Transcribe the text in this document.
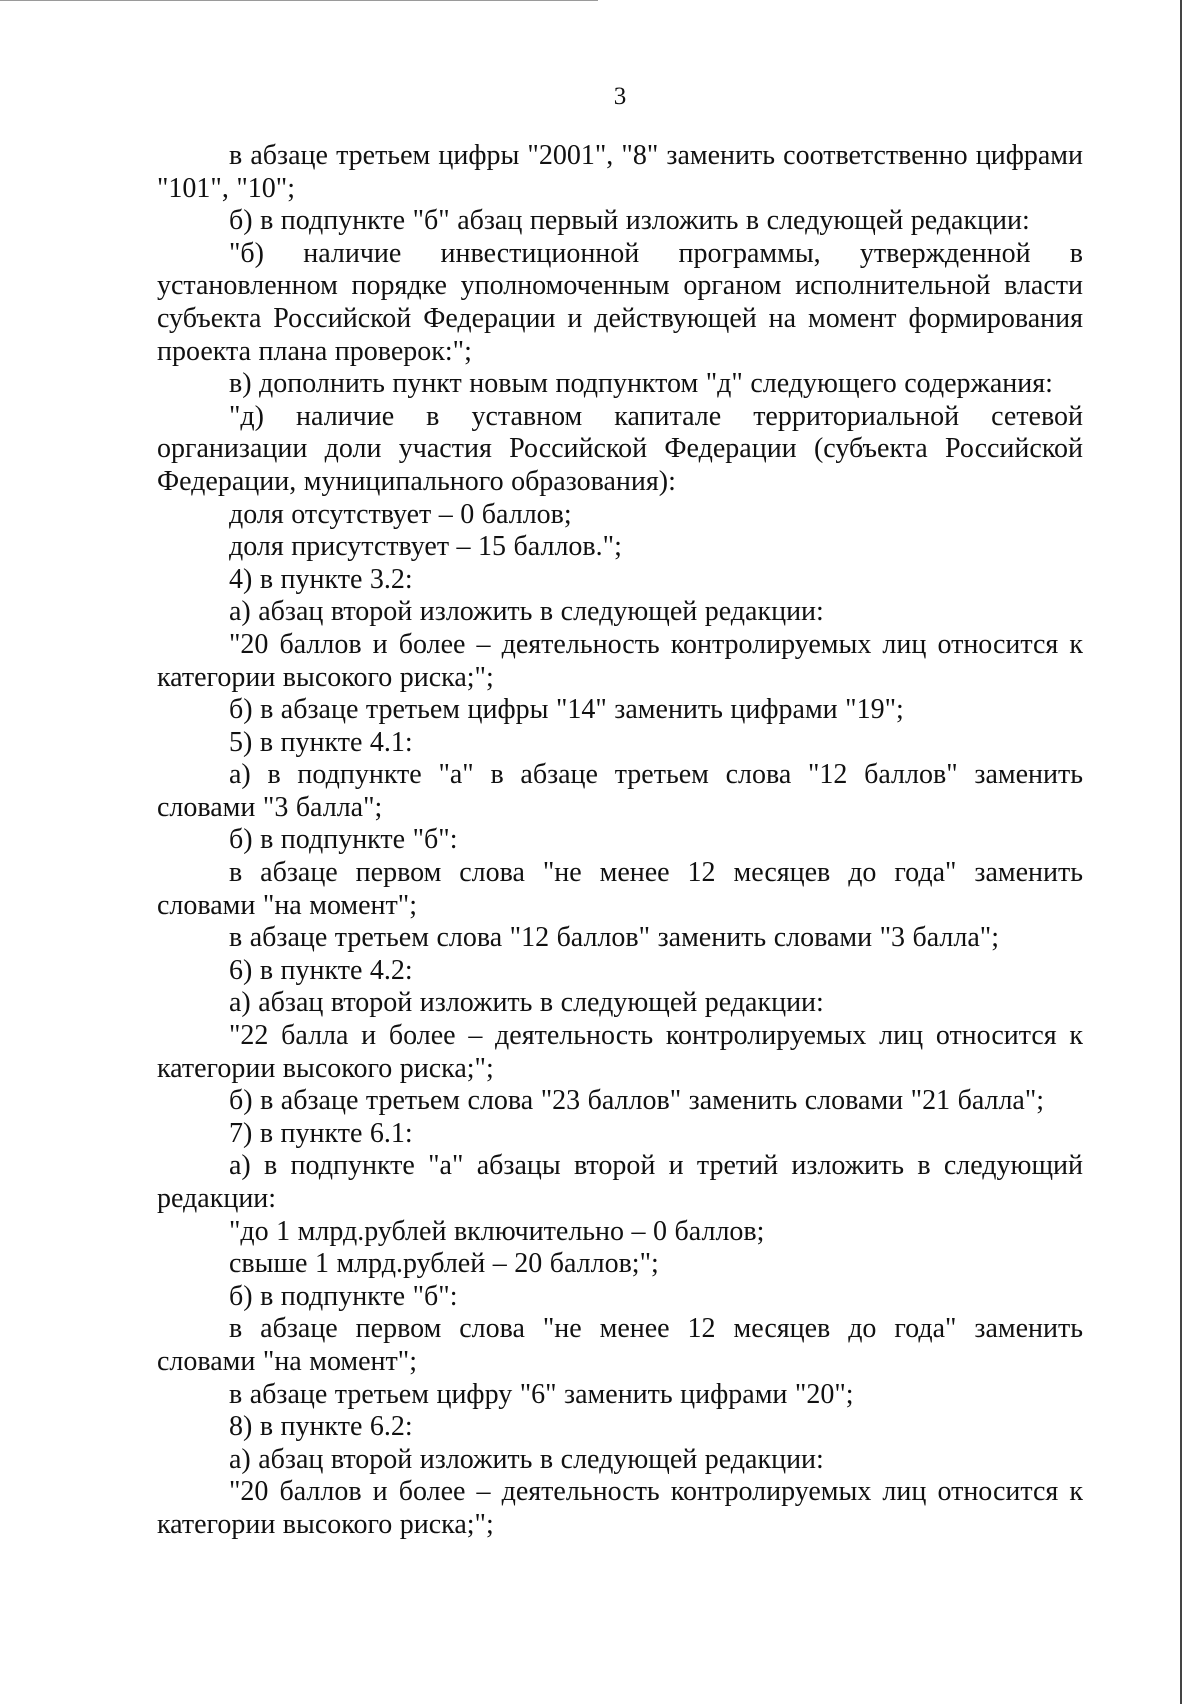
3

в абзаце третьем цифры "2001", "8" заменить соответственно цифрами "101", "10";

б) в подпункте "б" абзац первый изложить в следующей редакции:

"б) наличие инвестиционной программы, утвержденной в установленном порядке уполномоченным органом исполнительной власти субъекта Российской Федерации и действующей на момент формирования проекта плана проверок:";

в) дополнить пункт новым подпунктом "д" следующего содержания:

"д) наличие в уставном капитале территориальной сетевой организации доли участия Российской Федерации (субъекта Российской Федерации, муниципального образования):

доля отсутствует – 0 баллов;

доля присутствует – 15 баллов.";

4) в пункте 3.2:

а) абзац второй изложить в следующей редакции:

"20 баллов и более – деятельность контролируемых лиц относится к категории высокого риска;";

б) в абзаце третьем цифры "14" заменить цифрами "19";

5) в пункте 4.1:

а) в подпункте "а" в абзаце третьем слова "12 баллов" заменить словами "3 балла";

б) в подпункте "б":

в абзаце первом слова "не менее 12 месяцев до года" заменить словами "на момент";

в абзаце третьем слова "12 баллов" заменить словами "3 балла";

6) в пункте 4.2:

а) абзац второй изложить в следующей редакции:

"22 балла и более – деятельность контролируемых лиц относится к категории высокого риска;";

б) в абзаце третьем слова "23 баллов" заменить словами "21 балла";

7) в пункте 6.1:

а) в подпункте "а" абзацы второй и третий изложить в следующий редакции:

"до 1 млрд.рублей включительно – 0 баллов;

свыше 1 млрд.рублей – 20 баллов;";

б) в подпункте "б":

в абзаце первом слова "не менее 12 месяцев до года" заменить словами "на момент";

в абзаце третьем цифру "6" заменить цифрами "20";

8) в пункте 6.2:

а) абзац второй изложить в следующей редакции:

"20 баллов и более – деятельность контролируемых лиц относится к категории высокого риска;";
